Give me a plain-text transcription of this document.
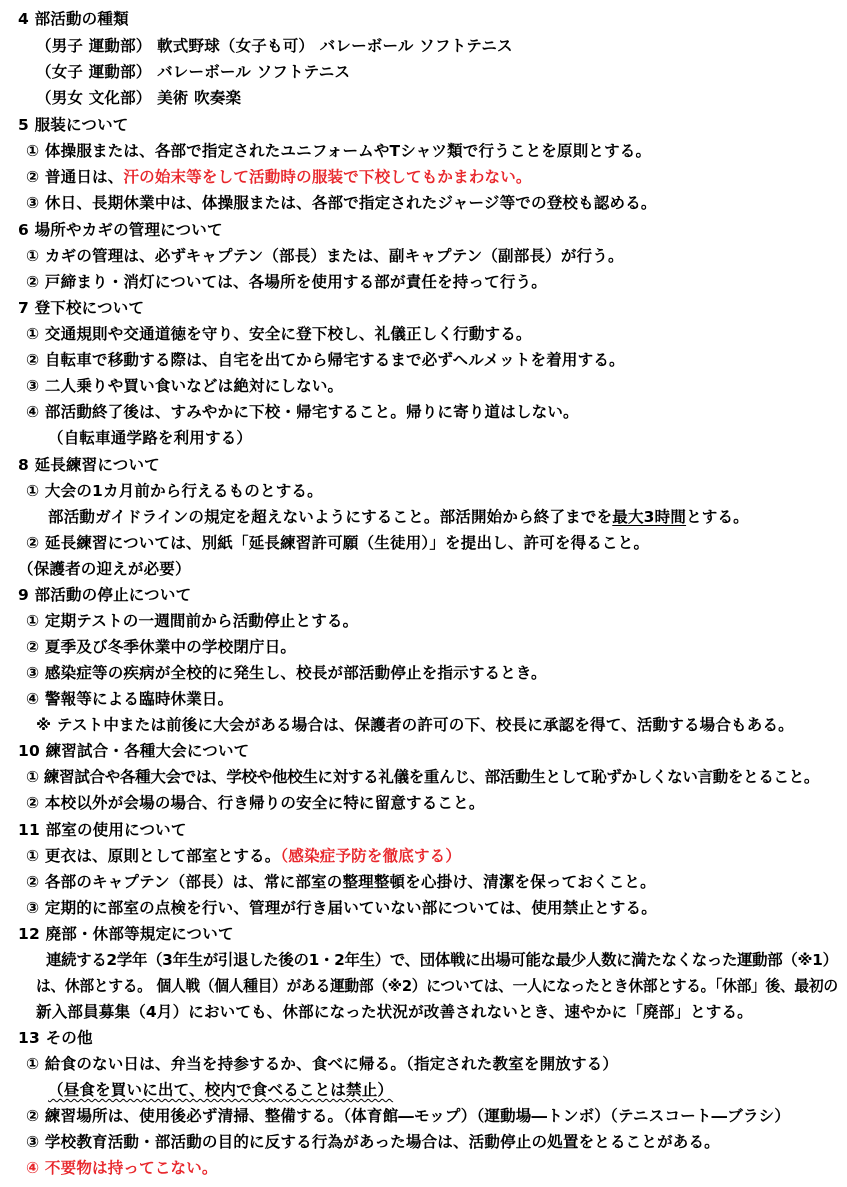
4 部活動の種類
（男子 運動部） 軟式野球（女子も可） バレーボール ソフトテニス
（女子 運動部） バレーボール ソフトテニス
（男女 文化部） 美術 吹奏楽
5 服装について
① 体操服または、各部で指定されたユニフォームやTシャツ類で行うことを原則とする。
② 普通日は、汗の始末等をして活動時の服装で下校してもかまわない。
③ 休日、長期休業中は、体操服または、各部で指定されたジャージ等での登校も認める。
6 場所やカギの管理について
① カギの管理は、必ずキャプテン（部長）または、副キャプテン（副部長）が行う。
② 戸締まり・消灯については、各場所を使用する部が責任を持って行う。
7 登下校について
① 交通規則や交通道徳を守り、安全に登下校し、礼儀正しく行動する。
② 自転車で移動する際は、自宅を出てから帰宅するまで必ずヘルメットを着用する。
③ 二人乗りや買い食いなどは絶対にしない。
④ 部活動終了後は、すみやかに下校・帰宅すること。帰りに寄り道はしない。
（自転車通学路を利用する）
8 延長練習について
① 大会の1カ月前から行えるものとする。
部活動ガイドラインの規定を超えないようにすること。部活開始から終了までを最大3時間とする。
② 延長練習については、別紙「延長練習許可願（生徒用）」を提出し、許可を得ること。
（保護者の迎えが必要）
9 部活動の停止について
① 定期テストの一週間前から活動停止とする。
② 夏季及び冬季休業中の学校閉庁日。
③ 感染症等の疾病が全校的に発生し、校長が部活動停止を指示するとき。
④ 警報等による臨時休業日。
※ テスト中または前後に大会がある場合は、保護者の許可の下、校長に承認を得て、活動する場合もある。
10 練習試合・各種大会について
① 練習試合や各種大会では、学校や他校生に対する礼儀を重んじ、部活動生として恥ずかしくない言動をとること。
② 本校以外が会場の場合、行き帰りの安全に特に留意すること。
11 部室の使用について
① 更衣は、原則として部室とする。（感染症予防を徹底する）
② 各部のキャプテン（部長）は、常に部室の整理整頓を心掛け、清潔を保っておくこと。
③ 定期的に部室の点検を行い、管理が行き届いていない部については、使用禁止とする。
12 廃部・休部等規定について
連続する2学年（3年生が引退した後の1・2年生）で、団体戦に出場可能な最少人数に満たなくなった運動部（※1）
は、休部とする。 個人戦（個人種目）がある運動部（※2）については、一人になったとき休部とする。「休部」後、最初の
新入部員募集（4月）においても、休部になった状況が改善されないとき、速やかに「廃部」とする。
13 その他
① 給食のない日は、弁当を持参するか、食べに帰る。（指定された教室を開放する）
（昼食を買いに出て、校内で食べることは禁止）
② 練習場所は、使用後必ず清掃、整備する。（体育館―モップ）（運動場―トンボ）（テニスコート―ブラシ）
③ 学校教育活動・部活動の目的に反する行為があった場合は、活動停止の処置をとることがある。
④ 不要物は持ってこない。
